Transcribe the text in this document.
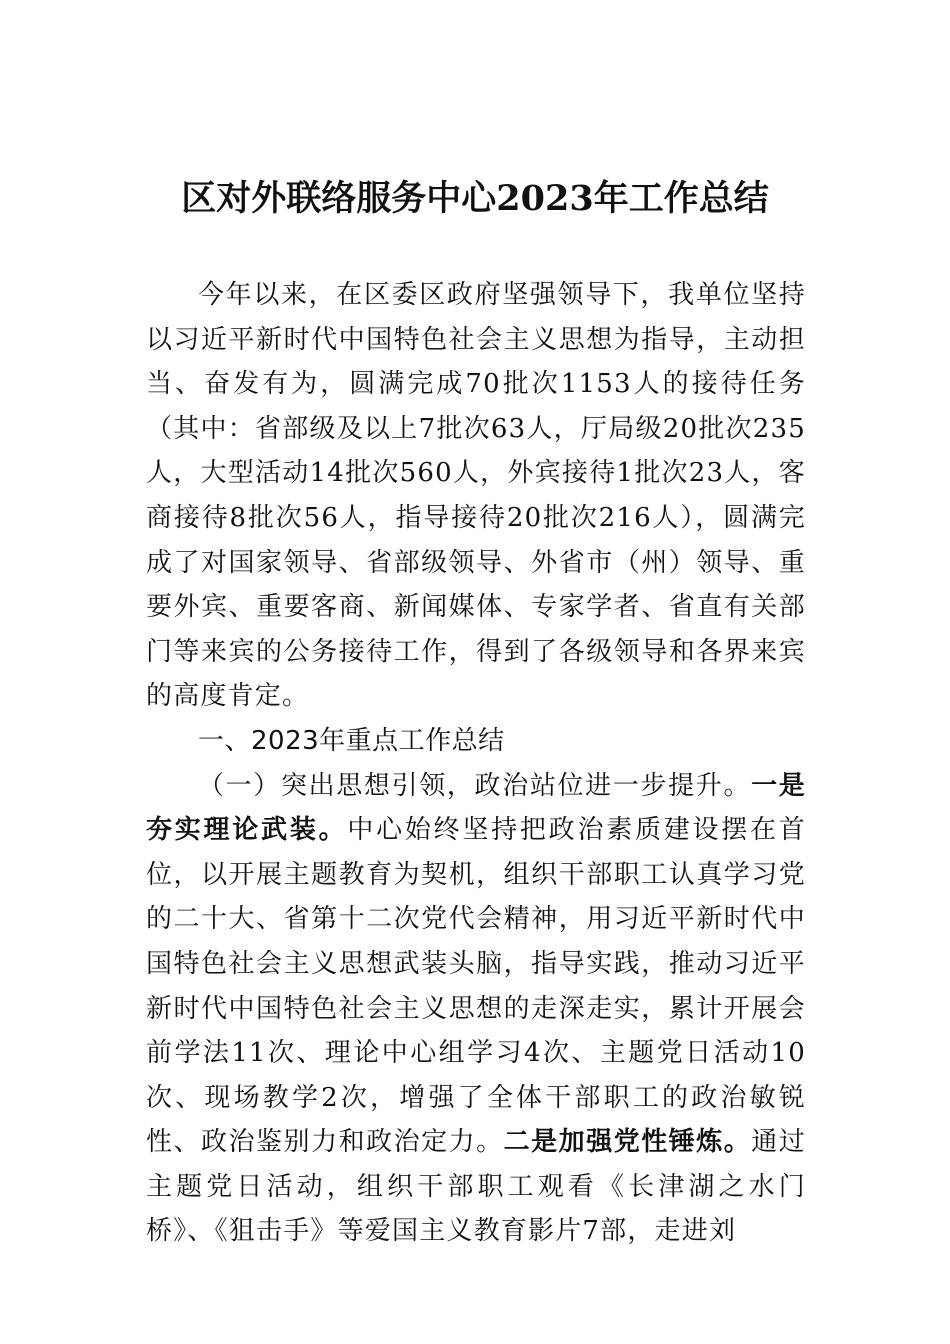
区对外联络服务中心2023年工作总结

今年以来，在区委区政府坚强领导下，我单位坚持以习近平新时代中国特色社会主义思想为指导，主动担当、奋发有为，圆满完成70批次1153人的接待任务（其中：省部级及以上7批次63人，厅局级20批次235人，大型活动14批次560人，外宾接待1批次23人，客商接待8批次56人，指导接待20批次216人），圆满完成了对国家领导、省部级领导、外省市（州）领导、重要外宾、重要客商、新闻媒体、专家学者、省直有关部门等来宾的公务接待工作，得到了各级领导和各界来宾的高度肯定。

一、2023年重点工作总结

（一）突出思想引领，政治站位进一步提升。一是夯实理论武装。中心始终坚持把政治素质建设摆在首位，以开展主题教育为契机，组织干部职工认真学习党的二十大、省第十二次党代会精神，用习近平新时代中国特色社会主义思想武装头脑，指导实践，推动习近平新时代中国特色社会主义思想的走深走实，累计开展会前学法11次、理论中心组学习4次、主题党日活动10次、现场教学2次，增强了全体干部职工的政治敏锐性、政治鉴别力和政治定力。二是加强党性锤炼。通过主题党日活动，组织干部职工观看《长津湖之水门桥》、《狙击手》等爱国主义教育影片7部，走进刘
